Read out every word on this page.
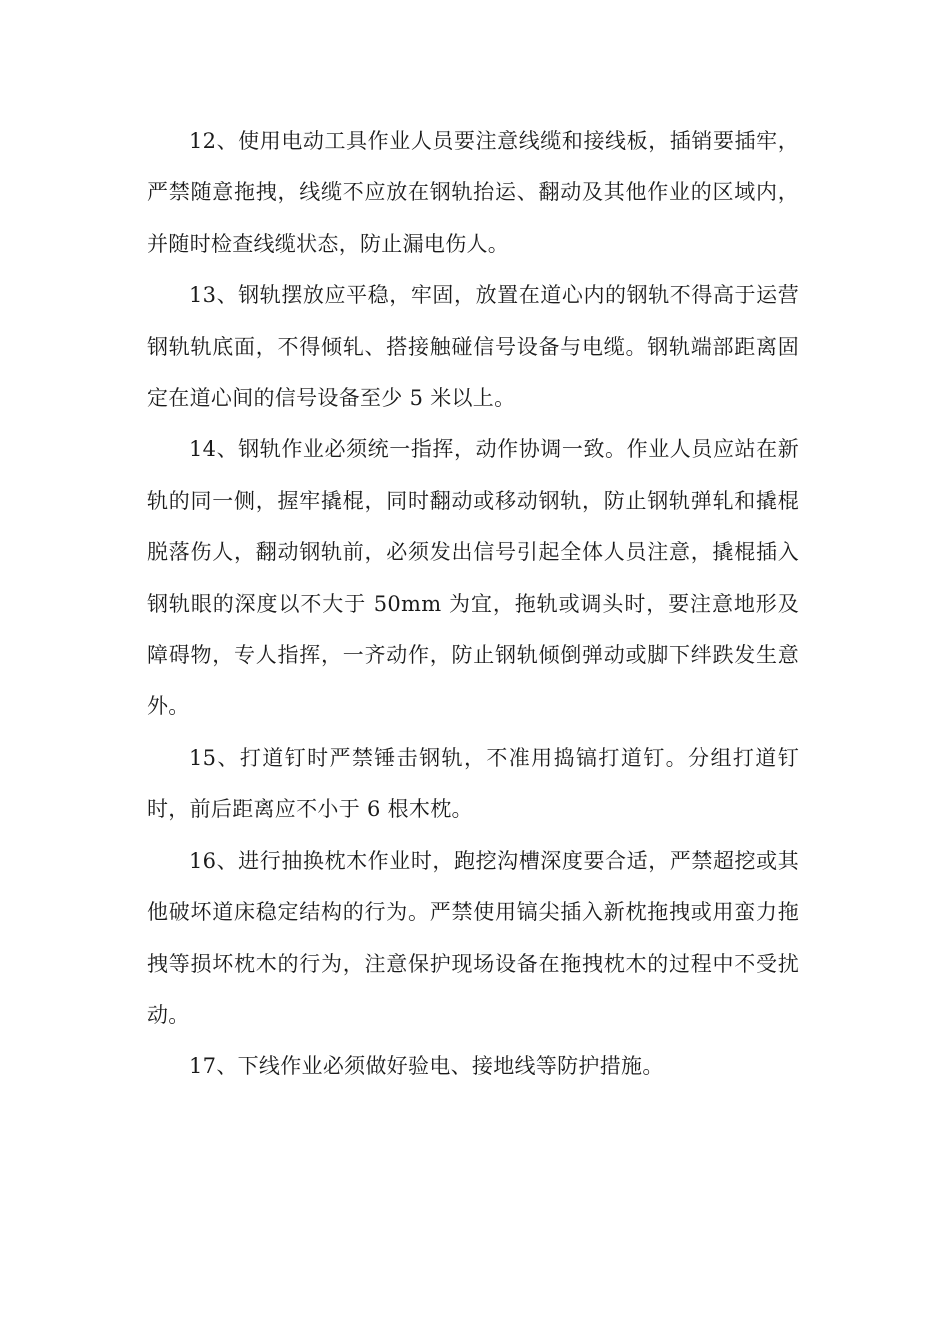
12、使用电动工具作业人员要注意线缆和接线板，插销要插牢，严禁随意拖拽，线缆不应放在钢轨抬运、翻动及其他作业的区域内，并随时检查线缆状态，防止漏电伤人。

13、钢轨摆放应平稳，牢固，放置在道心内的钢轨不得高于运营钢轨轨底面，不得倾轧、搭接触碰信号设备与电缆。钢轨端部距离固定在道心间的信号设备至少 5 米以上。

14、钢轨作业必须统一指挥，动作协调一致。作业人员应站在新轨的同一侧，握牢撬棍，同时翻动或移动钢轨，防止钢轨弹轧和撬棍脱落伤人，翻动钢轨前，必须发出信号引起全体人员注意，撬棍插入钢轨眼的深度以不大于 50mm 为宜，拖轨或调头时，要注意地形及障碍物，专人指挥，一齐动作，防止钢轨倾倒弹动或脚下绊跌发生意外。

15、打道钉时严禁锤击钢轨，不准用捣镐打道钉。分组打道钉时，前后距离应不小于 6 根木枕。

16、进行抽换枕木作业时，跑挖沟槽深度要合适，严禁超挖或其他破坏道床稳定结构的行为。严禁使用镐尖插入新枕拖拽或用蛮力拖拽等损坏枕木的行为，注意保护现场设备在拖拽枕木的过程中不受扰动。

17、下线作业必须做好验电、接地线等防护措施。
